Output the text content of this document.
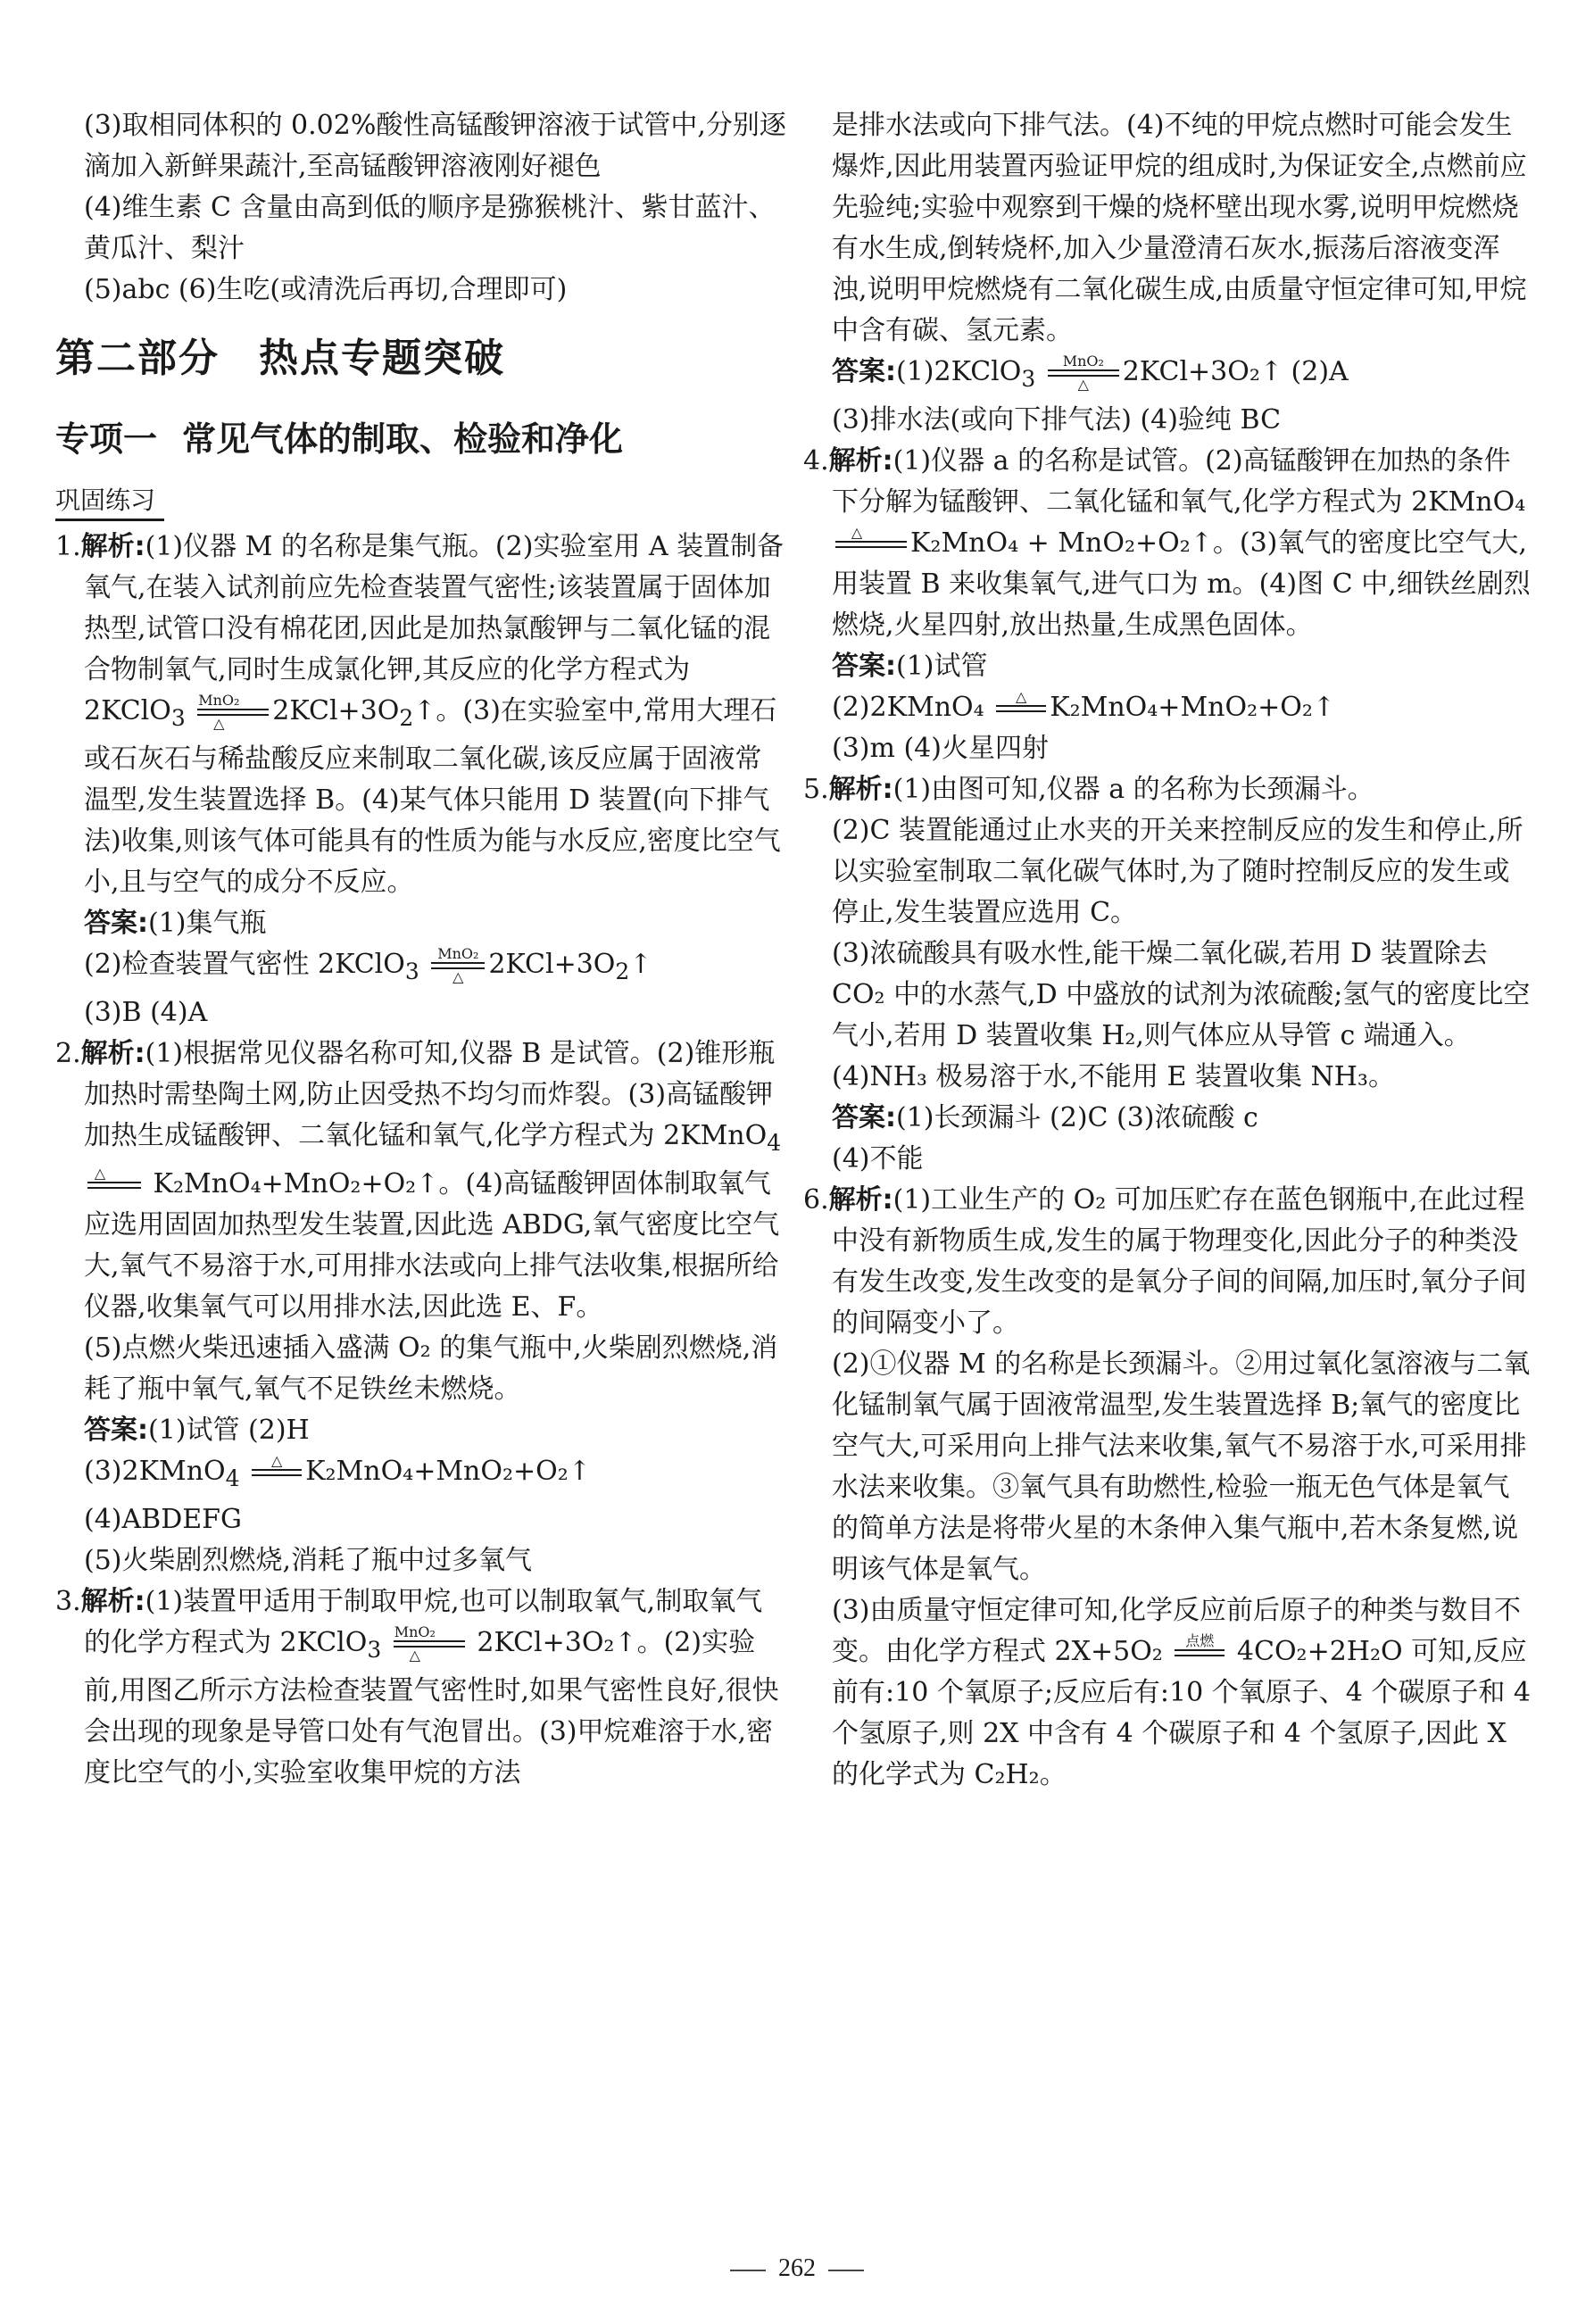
(3)取相同体积的 0.02%酸性高锰酸钾溶液于试管中,分别逐滴加入新鲜果蔬汁,至高锰酸钾溶液刚好褪色

(4)维生素 C 含量由高到低的顺序是猕猴桃汁、紫甘蓝汁、黄瓜汁、梨汁

(5)abc (6)生吃(或清洗后再切,合理即可)

第二部分 热点专题突破
专项一 常见气体的制取、检验和净化
巩固练习

1.解析:(1)仪器 M 的名称是集气瓶。(2)实验室用 A 装置制备氧气,在装入试剂前应先检查装置气密性;该装置属于固体加热型,试管口没有棉花团,因此是加热氯酸钾与二氧化锰的混合物制氧气,同时生成氯化钾,其反应的化学方程式为 2KClO$_3$
MnO₂
△	$2KCl+3O_2↑$。(3)在实验室中,常用大理石或石灰石与稀盐酸反应来制取二氧化碳,该反应属于固液常温型,发生装置选择 B。(4)某气体只能用 D 装置(向下排气法)收集,则该气体可能具有的性质为能与水反应,密度比空气小,且与空气的成分不反应。

答案:(1)集气瓶

(2)检查装置气密性 2KClO$_3$
MnO₂
△ $2KCl+3O_2↑$

(3)B (4)A

2.解析:(1)根据常见仪器名称可知,仪器 B 是试管。(2)锥形瓶加热时需垫陶土网,防止因受热不均匀而炸裂。(3)高锰酸钾加热生成锰酸钾、二氧化锰和氧气,化学方程式为 2KMnO$_4$
△
	K₂MnO₄+MnO₂+O₂↑。(4)高锰酸钾固体制取氧气应选用固固加热型发生装置,因此选 ABDG,氧气密度比空气大,氧气不易溶于水,可用排水法或向上排气法收集,根据所给仪器,收集氧气可以用排水法,因此选 E、F。

(5)点燃火柴迅速插入盛满 O₂ 的集气瓶中,火柴剧烈燃烧,消耗了瓶中氧气,氧气不足铁丝未燃烧。

答案:(1)试管 (2)H

(3)2KMnO$_4$
△
K₂MnO₄+MnO₂+O₂↑

(4)ABDEFG

(5)火柴剧烈燃烧,消耗了瓶中过多氧气

3.解析:(1)装置甲适用于制取甲烷,也可以制取氧气,制取氧气的化学方程式为 2KClO$_3$
MnO₂
△	2KCl+3O₂↑。(2)实验前,用图乙所示方法检查装置气密性时,如果气密性良好,很快会出现的现象是导管口处有气泡冒出。(3)甲烷难溶于水,密度比空气的小,实验室收集甲烷的方法

是排水法或向下排气法。(4)不纯的甲烷点燃时可能会发生爆炸,因此用装置丙验证甲烷的组成时,为保证安全,点燃前应先验纯;实验中观察到干燥的烧杯壁出现水雾,说明甲烷燃烧有水生成,倒转烧杯,加入少量澄清石灰水,振荡后溶液变浑浊,说明甲烷燃烧有二氧化碳生成,由质量守恒定律可知,甲烷中含有碳、氢元素。

答案:(1)2KClO$_3$
MnO₂
△	2KCl+3O₂↑ (2)A

(3)排水法(或向下排气法) (4)验纯 BC

4.解析:(1)仪器 a 的名称是试管。(2)高锰酸钾在加热的条件下分解为锰酸钾、二氧化锰和氧气,化学方程式为 2KMnO₄
△
	K₂MnO₄ + MnO₂+O₂↑。(3)氧气的密度比空气大,用装置 B 来收集氧气,进气口为 m。(4)图 C 中,细铁丝剧烈燃烧,火星四射,放出热量,生成黑色固体。

答案:(1)试管

(2)2KMnO₄	△
K₂MnO₄+MnO₂+O₂↑

(3)m (4)火星四射

5.解析:(1)由图可知,仪器 a 的名称为长颈漏斗。

(2)C 装置能通过止水夹的开关来控制反应的发生和停止,所以实验室制取二氧化碳气体时,为了随时控制反应的发生或停止,发生装置应选用 C。

(3)浓硫酸具有吸水性,能干燥二氧化碳,若用 D 装置除去 CO₂ 中的水蒸气,D 中盛放的试剂为浓硫酸;氢气的密度比空气小,若用 D 装置收集 H₂,则气体应从导管 c 端通入。

(4)NH₃ 极易溶于水,不能用 E 装置收集 NH₃。

答案:(1)长颈漏斗 (2)C (3)浓硫酸 c

(4)不能

6.解析:(1)工业生产的 O₂ 可加压贮存在蓝色钢瓶中,在此过程中没有新物质生成,发生的属于物理变化,因此分子的种类没有发生改变,发生改变的是氧分子间的间隔,加压时,氧分子间的间隔变小了。

(2)①仪器 M 的名称是长颈漏斗。②用过氧化氢溶液与二氧化锰制氧气属于固液常温型,发生装置选择 B;氧气的密度比空气大,可采用向上排气法来收集,氧气不易溶于水,可采用排水法来收集。③氧气具有助燃性,检验一瓶无色气体是氧气的简单方法是将带火星的木条伸入集气瓶中,若木条复燃,说明该气体是氧气。

(3)由质量守恒定律可知,化学反应前后原子的种类与数目不变。由化学方程式 2X+5O₂	点燃
4CO₂+2H₂O 可知,反应前有:10 个氧原子;反应后有:10 个氧原子、4 个碳原子和 4 个氢原子,则 2X 中含有 4 个碳原子和 4 个氢原子,因此 X 的化学式为 C₂H₂。

262
